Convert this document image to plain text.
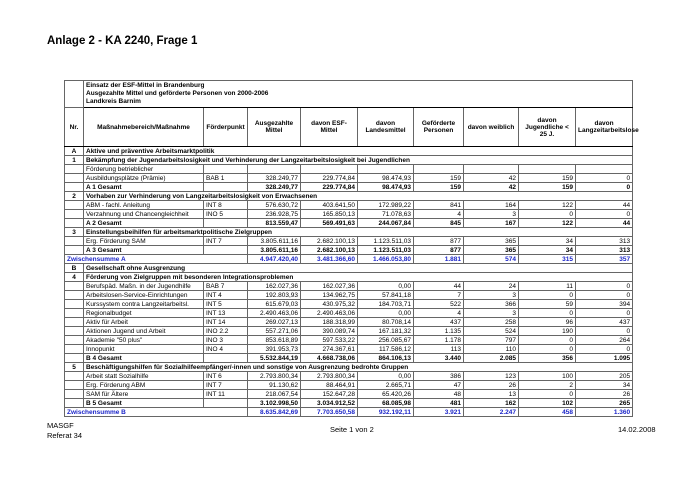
Anlage 2 - KA 2240, Frage 1

	Einsatz der ESF-Mittel in Brandenburg
Ausgezahlte Mittel und geförderte Personen von 2000-2006
Landkreis Barnim								

Nr.	Maßnahmebereich/Maßnahme	Förderpunkt	Ausgezahlte Mittel	davon ESF-Mittel	davon Landesmittel	Geförderte Personen	davon weiblich	davon Jugendliche < 25 J.	davon Langzeitarbeitslose
A	Aktive und präventive Arbeitsmarktpolitik								
1	Bekämpfung der Jugendarbeitslosigkeit und Verhinderung der Langzeitarbeitslosigkeit bei Jugendlichen								
	Förderung betrieblicher								
	Ausbildungsplätze (Prämie)	BAB 1	328.249,77	229.774,84	98.474,93	159	42	159	0
	A 1 Gesamt		328.249,77	229.774,84	98.474,93	159	42	159	0
2	Vorhaben zur Verhinderung von Langzeitarbeitslosigkeit von Erwachsenen								
	ABM - fachl. Anleitung	INT 8	576.630,72	403.641,50	172.989,22	841	164	122	44
	Verzahnung und Chancengleichheit	INO 5	236.928,75	165.850,13	71.078,63	4	3	0	0
	A 2 Gesamt		813.559,47	569.491,63	244.067,84	845	167	122	44
3	Einstellungsbeihilfen für arbeitsmarktpolitische Zielgruppen								
	Erg. Förderung SAM	INT 7	3.805.611,16	2.682.100,13	1.123.511,03	877	365	34	313
	A 3 Gesamt		3.805.611,16	2.682.100,13	1.123.511,03	877	365	34	313
Zwischensumme A			4.947.420,40	3.481.366,60	1.466.053,80	1.881	574	315	357
B	Gesellschaft ohne Ausgrenzung								
4	Förderung von Zielgruppen mit besonderen Integrationsproblemen								
	Berufspäd. Maßn. in der Jugendhilfe	BAB 7	162.027,36	162.027,36	0,00	44	24	11	0
	Arbeitslosen-Service-Einrichtungen	INT 4	192.803,93	134.962,75	57.841,18	7	3	0	0
	Kurssystem contra Langzeitarbeitsl.	INT 5	615.679,03	430.975,32	184.703,71	522	366	59	394
	Regionalbudget	INT 13	2.490.463,06	2.490.463,06	0,00	4	3	0	0
	Aktiv für Arbeit	INT 14	269.027,13	188.318,99	80.708,14	437	258	96	437
	Aktionen Jugend und Arbeit	INO 2.2	557.271,06	390.089,74	167.181,32	1.135	524	190	0
	Akademie "50 plus"	INO 3	853.618,89	597.533,22	256.085,67	1.178	797	0	264
	Innopunkt	INO 4	391.953,73	274.367,61	117.586,12	113	110	0	0
	B 4 Gesamt		5.532.844,19	4.668.738,06	864.106,13	3.440	2.085	356	1.095
5	Beschäftigungshilfen für Sozialhilfeempfänger/-innen und sonstige von Ausgrenzung bedrohte Gruppen								
	Arbeit statt Sozialhilfe	INT 6	2.793.800,34	2.793.800,34	0,00	386	123	100	205
	Erg. Förderung ABM	INT 7	91.130,62	88.464,91	2.665,71	47	26	2	34
	SAM für Ältere	INT 11	218.067,54	152.647,28	65.420,26	48	13	0	26
	B 5 Gesamt		3.102.998,50	3.034.912,52	68.085,98	481	162	102	265
Zwischensumme B			8.635.842,69	7.703.650,58	932.192,11	3.921	2.247	458	1.360
MASGF
Referat 34
Seite 1 von 2	14.02.2008
